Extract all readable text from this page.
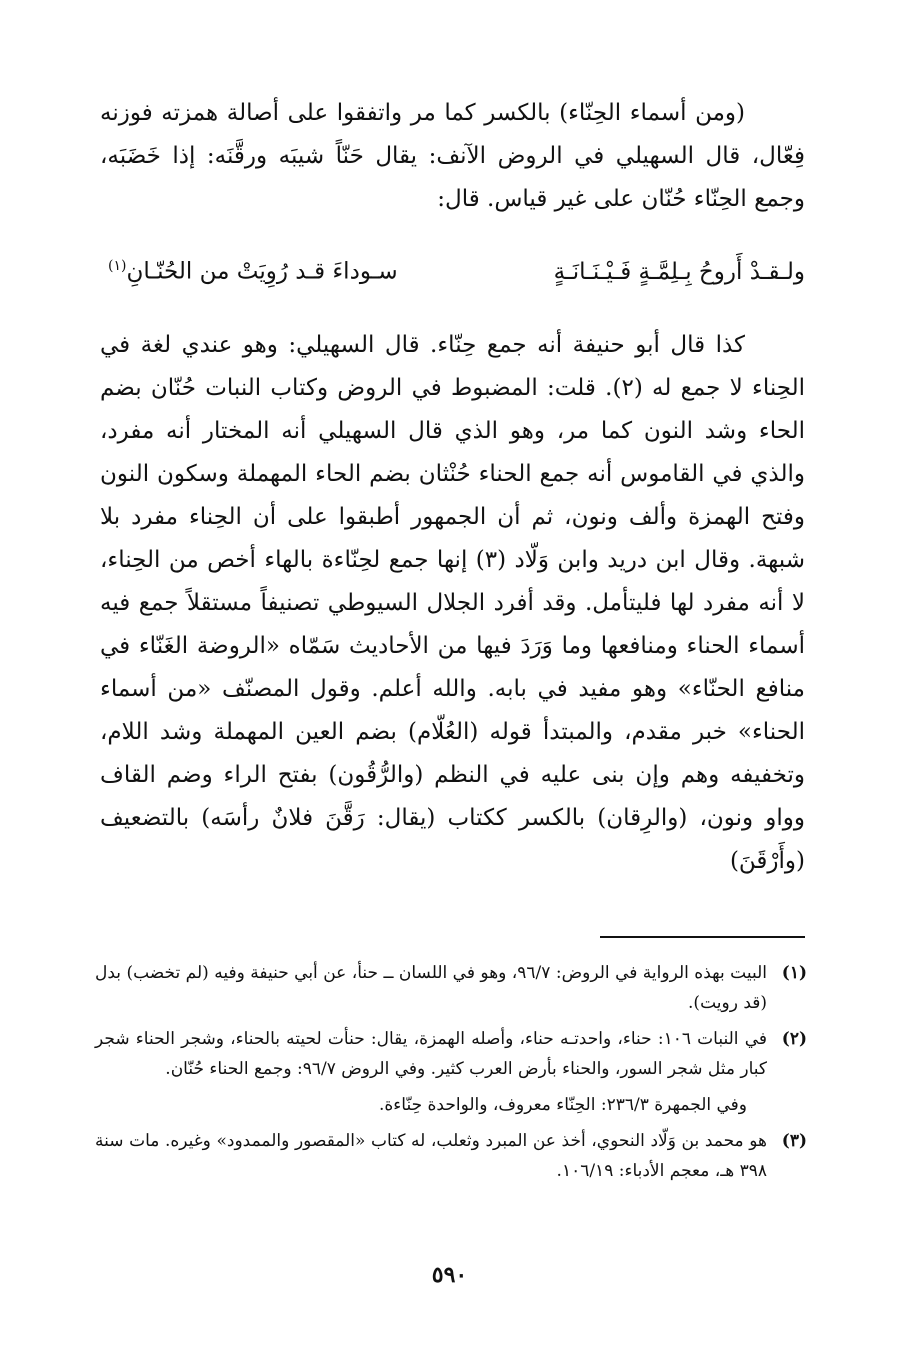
(ومن أسماء الحِنّاء) بالكسر كما مر واتفقوا على أصالة همزته فوزنه فِعّال، قال السهيلي في الروض الآنف: يقال حَنّاً شيبَه ورقَّنَه: إذا خَضَبَه، وجمع الحِنّاء حُنّان على غير قياس. قال:

ولـقـدْ أَروحُ بِـلِمَّـةٍ فَـيْـنَـانَـةٍ
سـوداءَ قـد رُوِيَتْ من الحُنّـانِ$^{(١)}$

كذا قال أبو حنيفة أنه جمع حِنّاء. قال السهيلي: وهو عندي لغة في الحِناء لا جمع له (٢). قلت: المضبوط في الروض وكتاب النبات حُنّان بضم الحاء وشد النون كما مر، وهو الذي قال السهيلي أنه المختار أنه مفرد، والذي في القاموس أنه جمع الحناء حُنْثان بضم الحاء المهملة وسكون النون وفتح الهمزة وألف ونون، ثم أن الجمهور أطبقوا على أن الحِناء مفرد بلا شبهة. وقال ابن دريد وابن وَلّاد (٣) إنها جمع لحِنّاءة بالهاء أخص من الحِناء، لا أنه مفرد لها فليتأمل. وقد أفرد الجلال السيوطي تصنيفاً مستقلاً جمع فيه أسماء الحناء ومنافعها وما وَرَدَ فيها من الأحاديث سَمّاه «الروضة الغَنّاء في منافع الحنّاء» وهو مفيد في بابه. والله أعلم. وقول المصنّف «من أسماء الحناء» خبر مقدم، والمبتدأ قوله (العُلّام) بضم العين المهملة وشد اللام، وتخفيفه وهم وإن بنى عليه في النظم (والرُّقُون) بفتح الراء وضم القاف وواو ونون، (والرِقان) بالكسر ككتاب (يقال: رَقَّنَ فلانٌ رأسَه) بالتضعيف (وأَرْقَنَ)

(١)
البيت بهذه الرواية في الروض: ٩٦/٧، وهو في اللسان ــ حنأ، عن أبي حنيفة وفيه (لم تخضب) بدل (قد رويت).
(٢)
في النبات ١٠٦: حناء، واحدتـه حناء، وأصله الهمزة، يقال: حنأت لحيته بالحناء، وشجر الحناء شجر كبار مثل شجر السور، والحناء بأرض العرب كثير. وفي الروض ٩٦/٧: وجمع الحناء حُنّان.
وفي الجمهرة ٢٣٦/٣: الحِنّاء معروف، والواحدة حِنّاءة.
(٣)
هو محمد بن وَلّاد النحوي، أخذ عن المبرد وثعلب، له كتاب «المقصور والممدود» وغيره. مات سنة ٣٩٨ هـ، معجم الأدباء: ١٠٦/١٩.
٥٩٠
